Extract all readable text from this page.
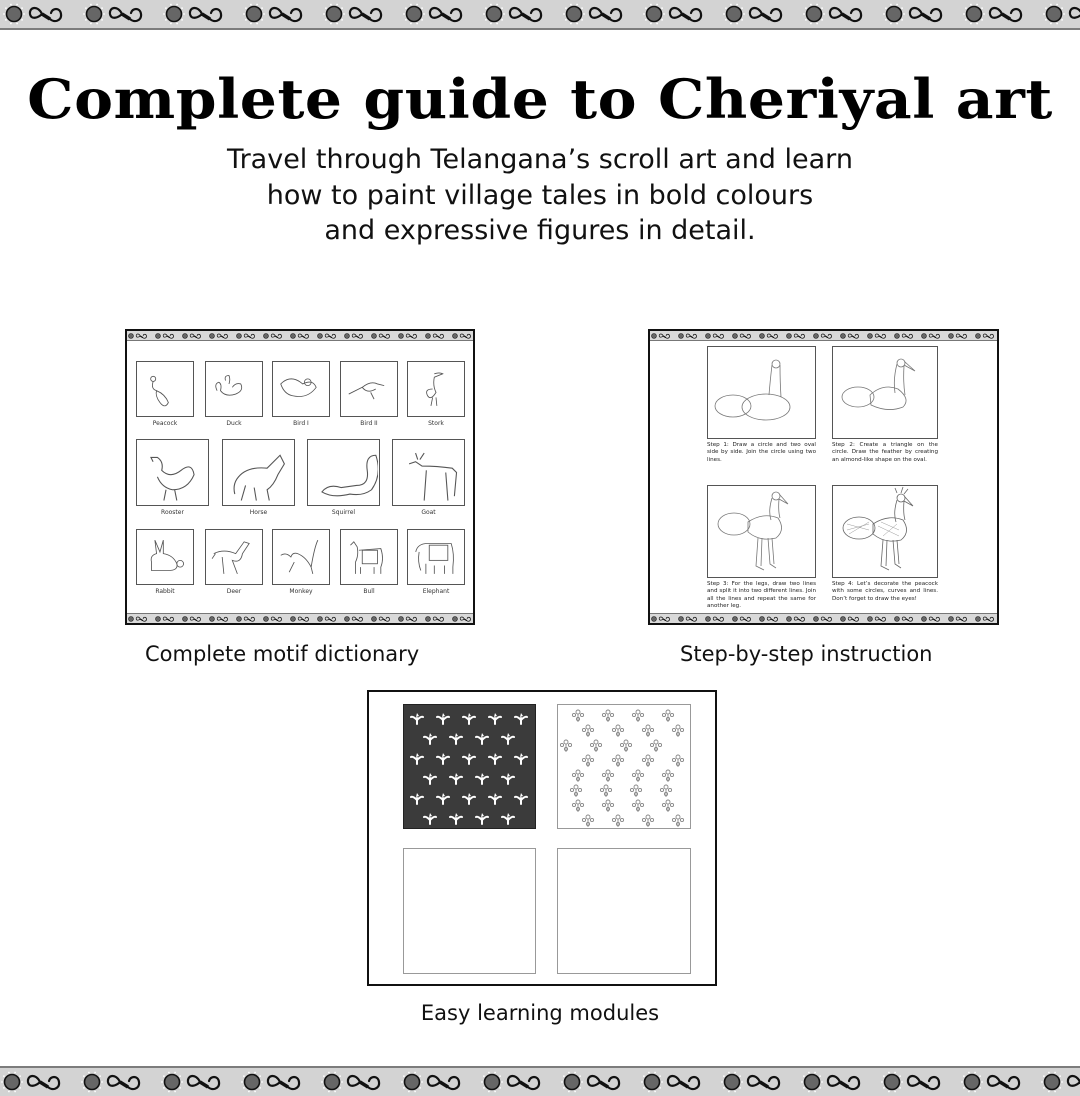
Complete guide to Cheriyal art
Travel through Telangana’s scroll art and learn
how to paint village tales in bold colours
and expressive figures in detail.
Peacock	Duck	Bird I	Bird II	Stork
Rooster	Horse	Squirrel	Goat
Rabbit	Deer	Monkey	Bull	Elephant
Complete motif dictionary
Step 1: Draw a circle and two oval side by side. Join the circle using two lines.
Step 2: Create a triangle on the circle. Draw the feather by creating an almond-like shape on the oval.
Step 3: For the legs, draw two lines and split it into two different lines. Join all the lines and repeat the same for another leg.
Step 4: Let’s decorate the peacock with some circles, curves and lines. Don’t forget to draw the eyes!
Step-by-step instruction
Easy learning modules
